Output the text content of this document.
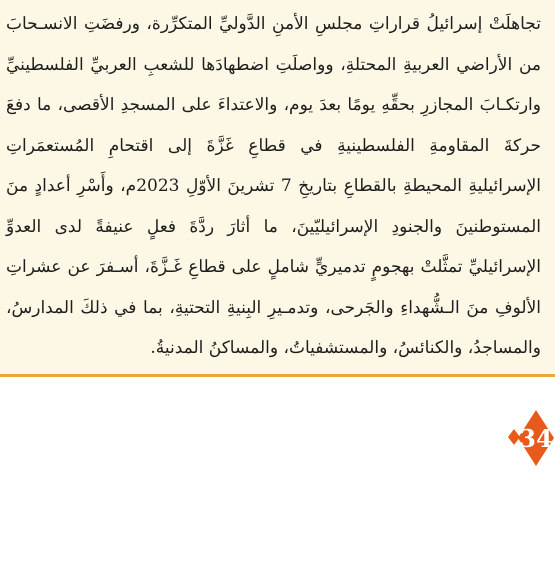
تجاهلَتْ إسرائيلُ قراراتِ مجلسِ الأمنِ الدَّوليِّ المتكرِّرة، ورفضَتِ الانسـحابَ من الأراضي العربيةِ المحتلةِ، وواصلَتِ اضطهادَها للشعبِ العربيِّ الفلسطينيِّ وارتكـابَ المجازرِ بحقِّهِ يومًا بعدَ يوم، والاعتداءَ على المسجدِ الأقصى، ما دفعَ حركةَ المقاومةِ الفلسطينيةِ في قطاعِ غَزَّةَ إلى اقتحامِ المُستعمَراتِ الإسرائيليةِ المحيطةِ بالقطاعِ بتاريخِ 7 تشرينَ الأوّلِ 2023م، وأَسْرِ أعدادٍ منَ المستوطنينَ والجنودِ الإسرائيليّينَ، ما أثارَ ردَّةَ فعلٍ عنيفةً لدى العدوِّ الإسرائيليِّ تمثَّلتْ بهجومٍ تدميريٍّ شاملٍ على قطاعِ غَـزَّةَ، أسـفرَ عن عشراتِ الألوفِ منَ الـشُّهداءِ والجَرحى، وتدمـيرِ البِنيةِ التحتيةِ، بما في ذلكَ المدارسُ، والمساجدُ، والكنائسُ، والمستشفياتُ، والمساكنُ المدنيةُ.

34
